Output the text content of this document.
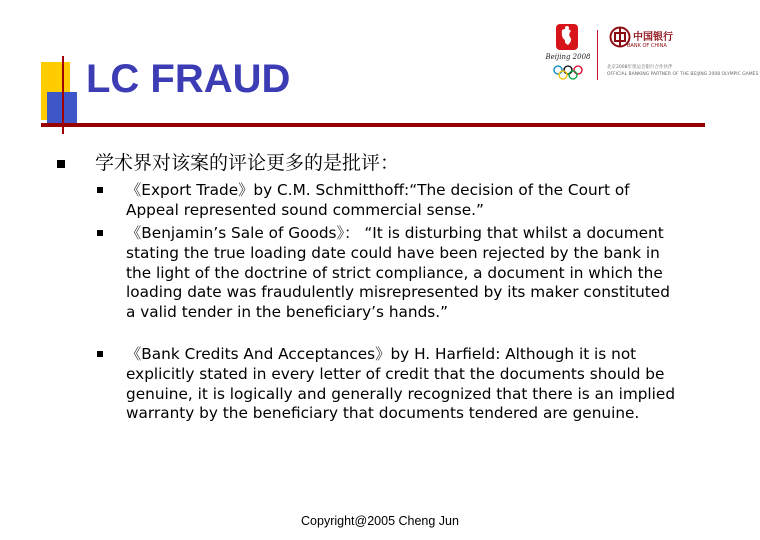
LC FRAUD	Beijing 2008
中国银行
BANK OF CHINA
北京2008年奥运会银行合作伙伴
OFFICIAL BANKING PARTNER OF THE BEIJING 2008 OLYMPIC GAMES
学术界对该案的评论更多的是批评：
《Export Trade》by C.M. Schmitthoff:“The decision of the Court of Appeal represented sound commercial sense.”
《Benjamin’s Sale of Goods》： “It is disturbing that whilst a document stating the true loading date could have been rejected by the bank in the light of the doctrine of strict compliance, a document in which the loading date was fraudulently misrepresented by its maker constituted a valid tender in the beneficiary’s hands.”
《Bank Credits And Acceptances》by H. Harfield: Although it is not explicitly stated in every letter of credit that the documents should be genuine, it is logically and generally recognized that there is an implied warranty by the beneficiary that documents tendered are genuine.
Copyright@2005 Cheng Jun
